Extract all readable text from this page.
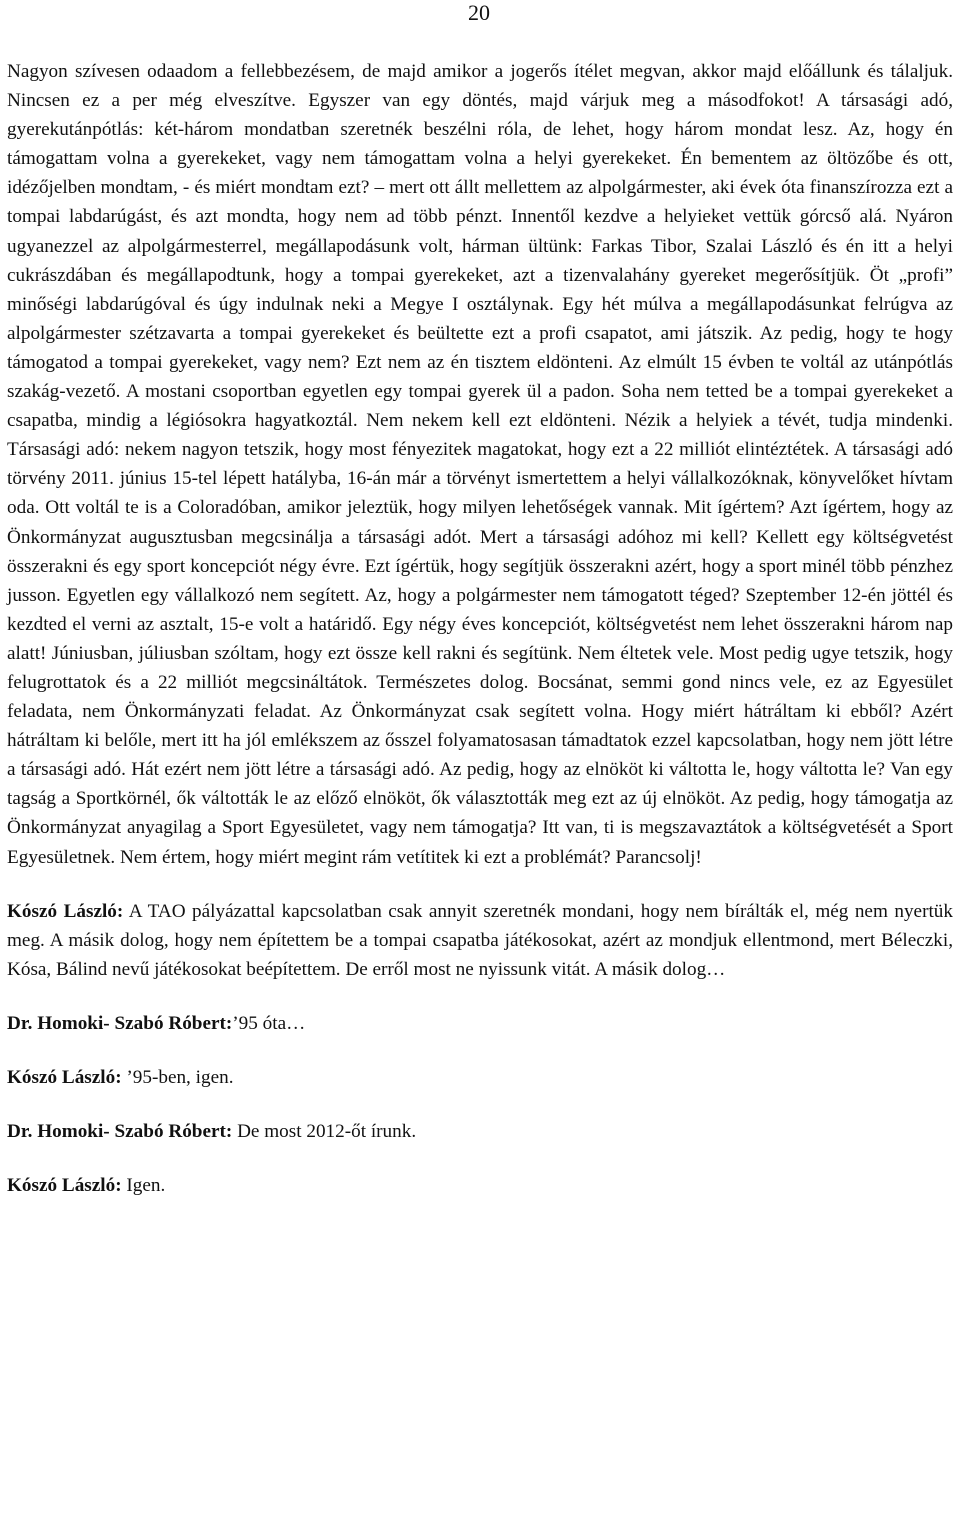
20

Nagyon szívesen odaadom a fellebbezésem, de majd amikor a jogerős ítélet megvan, akkor majd előállunk és tálaljuk. Nincsen ez a per még elveszítve. Egyszer van egy döntés, majd várjuk meg a másodfokot! A társasági adó, gyerekutánpótlás: két-három mondatban szeretnék beszélni róla, de lehet, hogy három mondat lesz. Az, hogy én támogattam volna a gyerekeket, vagy nem támogattam volna a helyi gyerekeket. Én bementem az öltözőbe és ott, idézőjelben mondtam, - és miért mondtam ezt? – mert ott állt mellettem az alpolgármester, aki évek óta finanszírozza ezt a tompai labdarúgást, és azt mondta, hogy nem ad több pénzt. Innentől kezdve a helyieket vettük górcső alá. Nyáron ugyanezzel az alpolgármesterrel, megállapodásunk volt, hárman ültünk: Farkas Tibor, Szalai László és én itt a helyi cukrászdában és megállapodtunk, hogy a tompai gyerekeket, azt a tizenvalahány gyereket megerősítjük. Öt „profi” minőségi labdarúgóval és úgy indulnak neki a Megye I osztálynak. Egy hét múlva a megállapodásunkat felrúgva az alpolgármester szétzavarta a tompai gyerekeket és beültette ezt a profi csapatot, ami játszik. Az pedig, hogy te hogy támogatod a tompai gyerekeket, vagy nem? Ezt nem az én tisztem eldönteni. Az elmúlt 15 évben te voltál az utánpótlás szakág-vezető. A mostani csoportban egyetlen egy tompai gyerek ül a padon. Soha nem tetted be a tompai gyerekeket a csapatba, mindig a légiósokra hagyatkoztál. Nem nekem kell ezt eldönteni. Nézik a helyiek a tévét, tudja mindenki. Társasági adó: nekem nagyon tetszik, hogy most fényezitek magatokat, hogy ezt a 22 milliót elintéztétek. A társasági adó törvény 2011. június 15-tel lépett hatályba, 16-án már a törvényt ismertettem a helyi vállalkozóknak, könyvelőket hívtam oda. Ott voltál te is a Coloradóban, amikor jeleztük, hogy milyen lehetőségek vannak. Mit ígértem? Azt ígértem, hogy az Önkormányzat augusztusban megcsinálja a társasági adót. Mert a társasági adóhoz mi kell? Kellett egy költségvetést összerakni és egy sport koncepciót négy évre. Ezt ígértük, hogy segítjük összerakni azért, hogy a sport minél több pénzhez jusson. Egyetlen egy vállalkozó nem segített. Az, hogy a polgármester nem támogatott téged? Szeptember 12-én jöttél és kezdted el verni az asztalt, 15-e volt a határidő. Egy négy éves koncepciót, költségvetést nem lehet összerakni három nap alatt! Júniusban, júliusban szóltam, hogy ezt össze kell rakni és segítünk. Nem éltetek vele. Most pedig ugye tetszik, hogy felugrottatok és a 22 milliót megcsináltátok. Természetes dolog. Bocsánat, semmi gond nincs vele, ez az Egyesület feladata, nem Önkormányzati feladat. Az Önkormányzat csak segített volna. Hogy miért hátráltam ki ebből? Azért hátráltam ki belőle, mert itt ha jól emlékszem az ősszel folyamatosasan támadtatok ezzel kapcsolatban, hogy nem jött létre a társasági adó. Hát ezért nem jött létre a társasági adó. Az pedig, hogy az elnököt ki váltotta le, hogy váltotta le? Van egy tagság a Sportkörnél, ők váltották le az előző elnököt, ők választották meg ezt az új elnököt. Az pedig, hogy támogatja az Önkormányzat anyagilag a Sport Egyesületet, vagy nem támogatja? Itt van, ti is megszavaztátok a költségvetését a Sport Egyesületnek. Nem értem, hogy miért megint rám vetítitek ki ezt a problémát? Parancsolj!

Kószó László: A TAO pályázattal kapcsolatban csak annyit szeretnék mondani, hogy nem bírálták el, még nem nyertük meg. A másik dolog, hogy nem építettem be a tompai csapatba játékosokat, azért az mondjuk ellentmond, mert Béleczki, Kósa, Bálind nevű játékosokat beépítettem. De erről most ne nyissunk vitát. A másik dolog…

Dr. Homoki- Szabó Róbert:’95 óta…

Kószó László: ’95-ben, igen.

Dr. Homoki- Szabó Róbert: De most 2012-őt írunk.

Kószó László: Igen.
